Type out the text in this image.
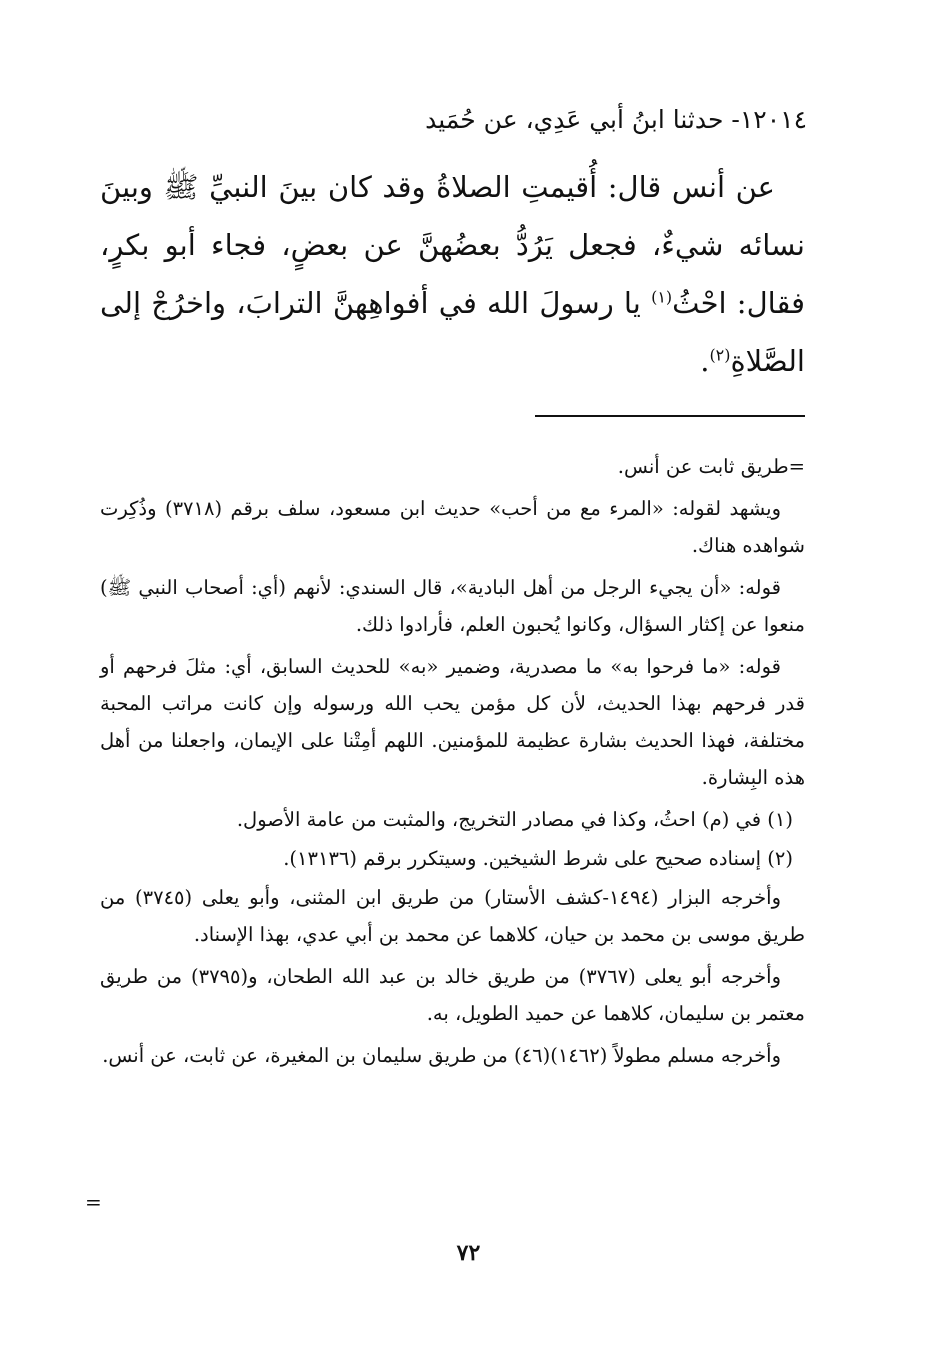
١٢٠١٤- حدثنا ابنُ أبي عَدِي، عن حُمَيد

عن أنس قال: أُقيمتِ الصلاةُ وقد كان بينَ النبيِّ ﷺ وبينَ نسائه شيءٌ، فجعل يَرُدُّ بعضُهنَّ عن بعضٍ، فجاء أبو بكرٍ، فقال: احْثُ$^{(١)}$ يا رسولَ الله في أفواهِهنَّ الترابَ، واخرُجْ إلى الصَّلاةِ$^{(٢)}$.

=طريق ثابت عن أنس.

ويشهد لقوله: «المرء مع من أحب» حديث ابن مسعود، سلف برقم (٣٧١٨) وذُكِرت شواهده هناك.

قوله: «أن يجيء الرجل من أهل البادية»، قال السندي: لأنهم (أي: أصحاب النبي ﷺ) منعوا عن إكثار السؤال، وكانوا يُحبون العلم، فأرادوا ذلك.

قوله: «ما فرحوا به» ما مصدرية، وضمير «به» للحديث السابق، أي: مثلَ فرحهم أو قدر فرحهم بهذا الحديث، لأن كل مؤمن يحب الله ورسوله وإن كانت مراتب المحبة مختلفة، فهذا الحديث بشارة عظيمة للمؤمنين. اللهم أمِتْنا على الإيمان، واجعلنا من أهل هذه البِشارة.

(١) في (م) احثُ، وكذا في مصادر التخريج، والمثبت من عامة الأصول.

(٢) إسناده صحيح على شرط الشيخين. وسيتكرر برقم (١٣١٣٦).

وأخرجه البزار (١٤٩٤-كشف الأستار) من طريق ابن المثنى، وأبو يعلى (٣٧٤٥) من طريق موسى بن محمد بن حيان، كلاهما عن محمد بن أبي عدي، بهذا الإسناد.

وأخرجه أبو يعلى (٣٧٦٧) من طريق خالد بن عبد الله الطحان، و(٣٧٩٥) من طريق معتمر بن سليمان، كلاهما عن حميد الطويل، به.

وأخرجه مسلم مطولاً (١٤٦٢)(٤٦) من طريق سليمان بن المغيرة، عن ثابت، عن أنس.

=
٧٢
